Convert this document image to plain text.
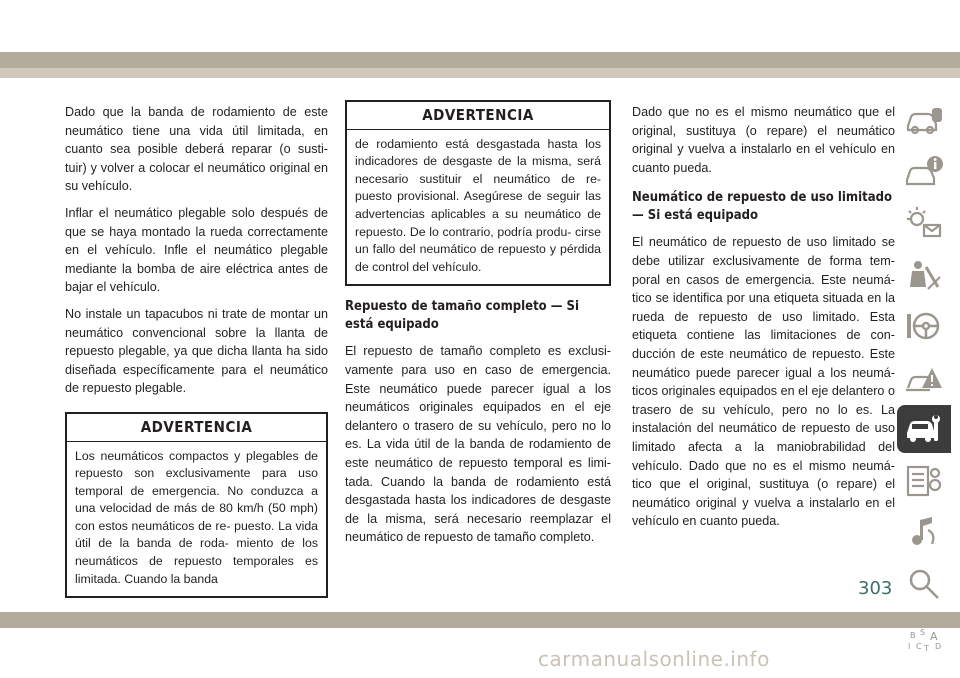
Dado que la banda de rodamiento de este neumático tiene una vida útil limitada, en cuanto sea posible deberá reparar (o susti- tuir) y volver a colocar el neumático original en su vehículo.

Inflar el neumático plegable solo después de que se haya montado la rueda correctamente en el vehículo. Infle el neumático plegable mediante la bomba de aire eléctrica antes de bajar el vehículo.

No instale un tapacubos ni trate de montar un neumático convencional sobre la llanta de repuesto plegable, ya que dicha llanta ha sido diseñada específicamente para el neumático de repuesto plegable.

ADVERTENCIA
Los neumáticos compactos y plegables de repuesto son exclusivamente para uso temporal de emergencia. No conduzca a una velocidad de más de 80 km/h (50 mph) con estos neumáticos de re- puesto. La vida útil de la banda de roda- miento de los neumáticos de repuesto temporales es limitada. Cuando la banda
ADVERTENCIA
de rodamiento está desgastada hasta los indicadores de desgaste de la misma, será necesario sustituir el neumático de re- puesto provisional. Asegúrese de seguir las advertencias aplicables a su neumático de repuesto. De lo contrario, podría produ- cirse un fallo del neumático de repuesto y pérdida de control del vehículo.
Repuesto de tamaño completo — Si está equipado

El repuesto de tamaño completo es exclusi- vamente para uso en caso de emergencia. Este neumático puede parecer igual a los neumáticos originales equipados en el eje delantero o trasero de su vehículo, pero no lo es. La vida útil de la banda de rodamiento de este neumático de repuesto temporal es limi- tada. Cuando la banda de rodamiento está desgastada hasta los indicadores de desgaste de la misma, será necesario reemplazar el neumático de repuesto de tamaño completo.

Dado que no es el mismo neumático que el original, sustituya (o repare) el neumático original y vuelva a instalarlo en el vehículo en cuanto pueda.

Neumático de repuesto de uso limitado — Si está equipado

El neumático de repuesto de uso limitado se debe utilizar exclusivamente de forma tem- poral en casos de emergencia. Este neumá- tico se identifica por una etiqueta situada en la rueda de repuesto de uso limitado. Esta etiqueta contiene las limitaciones de con- ducción de este neumático de repuesto. Este neumático puede parecer igual a los neumá- ticos originales equipados en el eje delantero o trasero de su vehículo, pero no lo es. La instalación del neumático de repuesto de uso limitado afecta a la maniobrabilidad del vehículo. Dado que no es el mismo neumá- tico que el original, sustituya (o repare) el neumático original y vuelva a instalarlo en el vehículo en cuanto pueda.

B S A
I C T D
303
carmanualsonline.info
